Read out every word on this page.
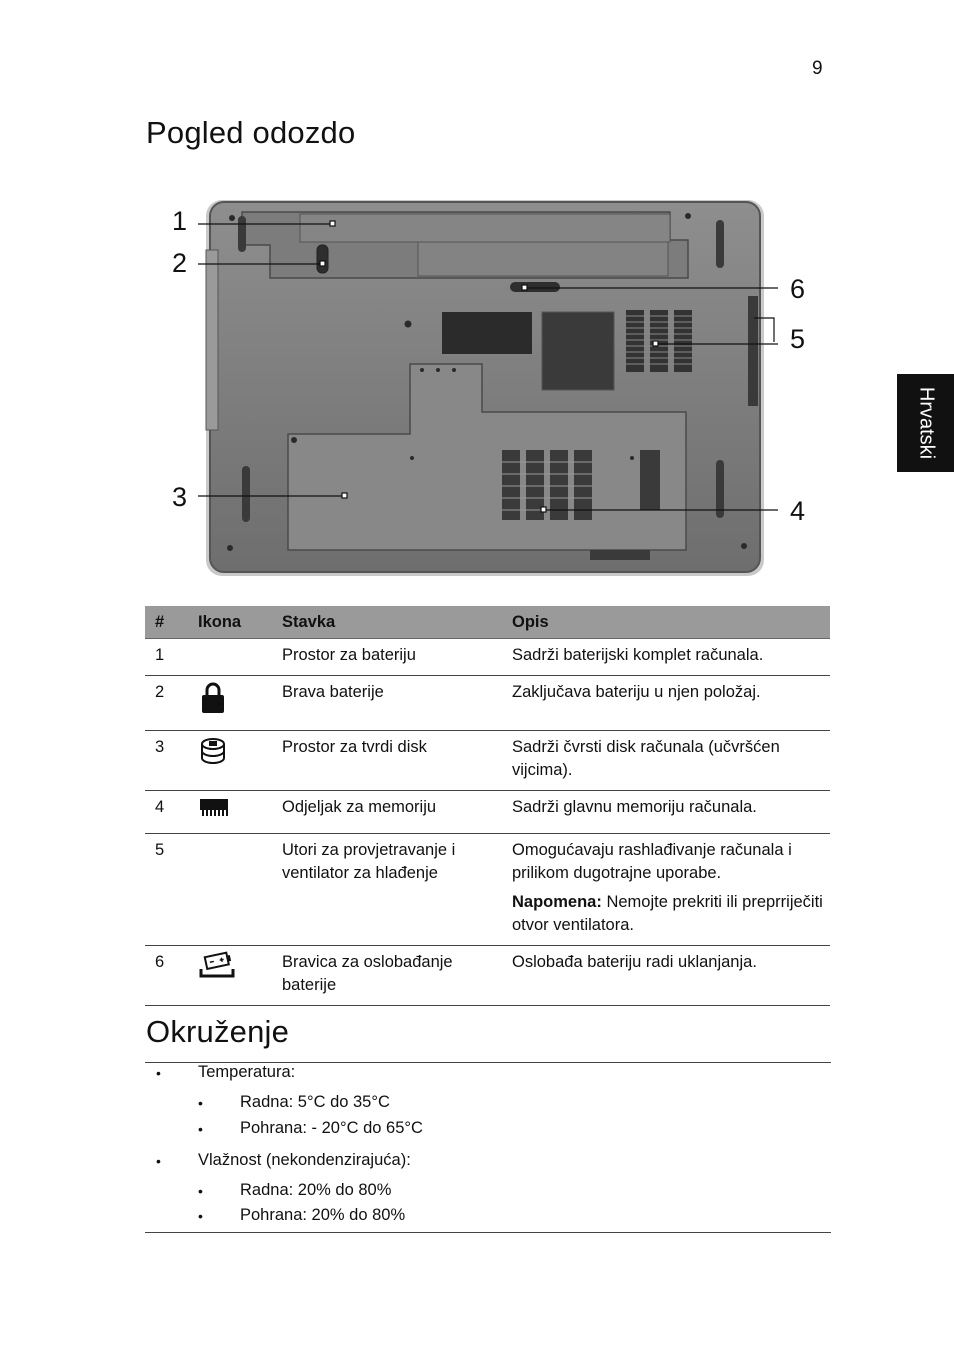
9
Hrvatski
Pogled odozdo
1
2
3	4
5
6
#	Ikona	Stavka	Opis
1		Prostor za bateriju	Sadrži baterijski komplet računala.
2		Brava baterije	Zaključava bateriju u njen položaj.
3		Prostor za tvrdi disk	Sadrži čvrsti disk računala (učvršćen vijcima).
4		Odjeljak za memoriju	Sadrži glavnu memoriju računala.
5		Utori za provjetravanje i ventilator za hlađenje	Omogućavaju rashlađivanje računala i prilikom dugotrajne uporabe.
Napomena: Nemojte prekriti ili preprriječiti otvor ventilatora.

6		Bravica za oslobađanje baterije	Oslobađa bateriju radi uklanjanja.
Okruženje
• Temperatura:
• Radna: 5°C do 35°C
• Pohrana: - 20°C do 65°C
• Vlažnost (nekondenzirajuća):
• Radna: 20% do 80%
• Pohrana: 20% do 80%
